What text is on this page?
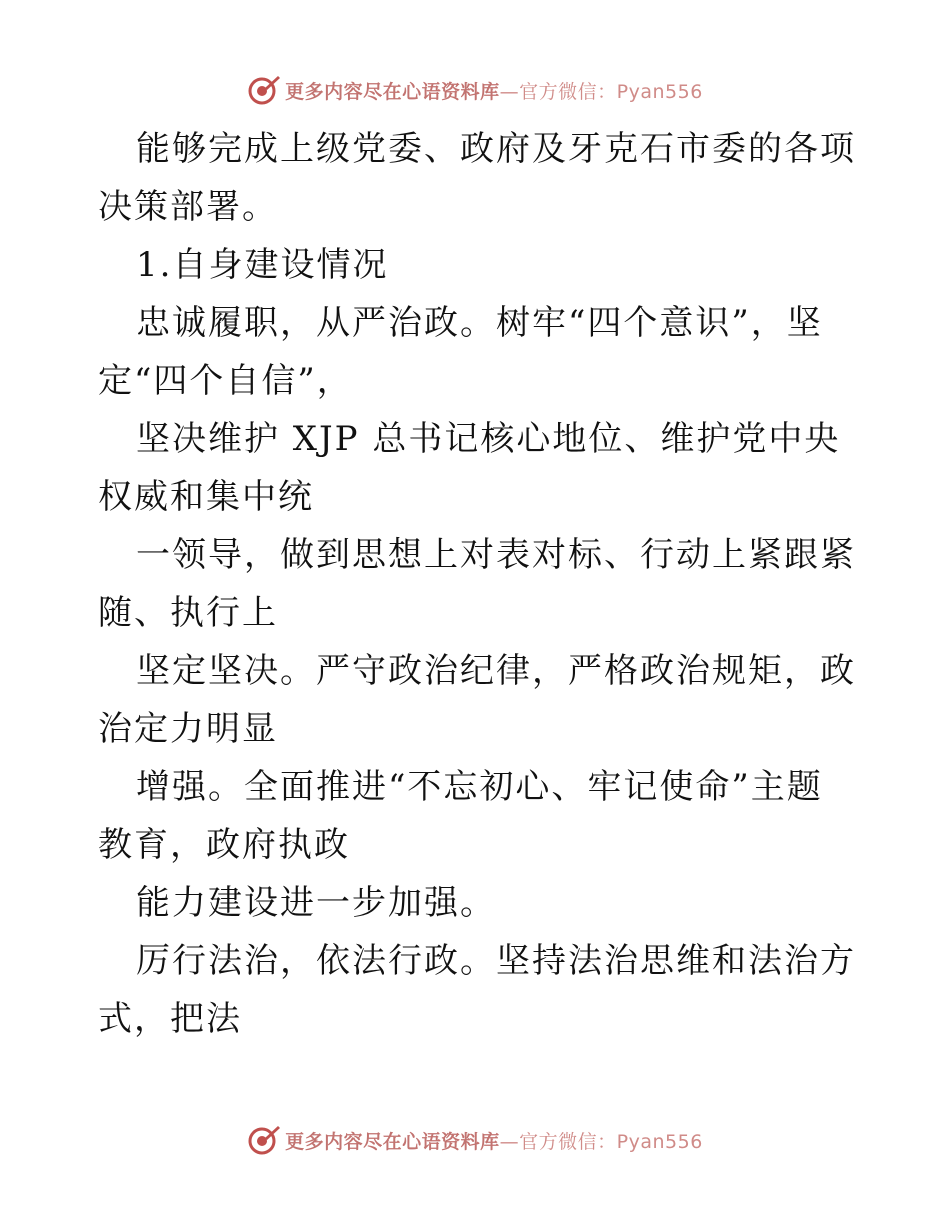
更多内容尽在心语资料库—官方微信：Pyan556

能够完成上级党委、政府及牙克石市委的各项决策部署。

1.自身建设情况

忠诚履职，从严治政。树牢“四个意识”，坚定“四个自信”，

坚决维护 XJP 总书记核心地位、维护党中央权威和集中统

一领导，做到思想上对表对标、行动上紧跟紧随、执行上

坚定坚决。严守政治纪律，严格政治规矩，政治定力明显

增强。全面推进“不忘初心、牢记使命”主题教育，政府执政

能力建设进一步加强。

厉行法治，依法行政。坚持法治思维和法治方式，把法

更多内容尽在心语资料库—官方微信：Pyan556
